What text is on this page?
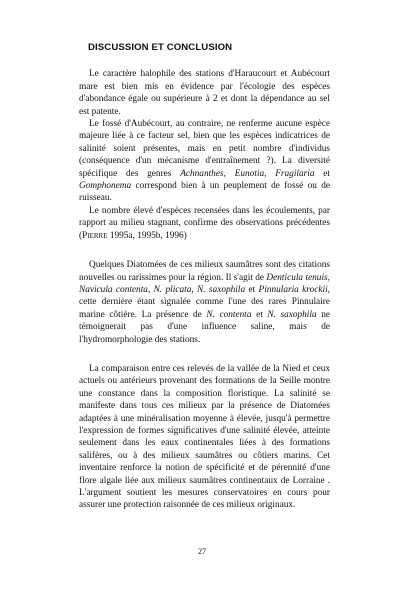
DISCUSSION ET CONCLUSION

Le caractère halophile des stations d'Haraucourt et Aubécourt mare est bien mis en évidence par l'écologie des espèces d'abondance égale ou supérieure à 2 et dont la dépendance au sel est patente.

Le fossé d'Aubécourt, au contraire, ne renferme aucune espèce majeure liée à ce facteur sel, bien que les espèces indicatrices de salinité soient présentes, mais en petit nombre d'individus (conséquence d'un mécanisme d'entraînement ?). La diversité spécifique des genres Achnanthes, Eunotia, Fragilaria et Gomphonema correspond bien à un peuplement de fossé ou de ruisseau.

Le nombre élevé d'espèces recensées dans les écoulements, par rapport au milieu stagnant, confirme des observations précédentes (Pierre 1995a, 1995b, 1996)

Quelques Diatomées de ces milieux saumâtres sont des citations nouvelles ou rarissimes pour la région. Il s'agit de Denticula tenuis, Navicula contenta, N. plicata, N. saxophila et Pinnularia krockii, cette dernière étant signalée comme l'une des rares Pinnulaire marine côtière. La présence de N. contenta et N. saxophila ne témoignerait pas d'une influence saline, mais de l'hydromorphologie des stations.

La comparaison entre ces relevés de la vallée de la Nied et ceux actuels ou antérieurs provenant des formations de la Seille montre une constance dans la composition floristique. La salinité se manifeste dans tous ces milieux par la présence de Diatomées adaptées à une minéralisation moyenne à élevée, jusqu'à permettre l'expression de formes significatives d'une salinité élevée, atteinte seulement dans les eaux continentales liées à des formations salifères, ou à des milieux saumâtres ou côtiers marins. Cet inventaire renforce la notion de spécificité et de pérennité d'une flore algale liée aux milieux saumâtres continentaux de Lorraine . L'argument soutient les mesures conservatoires en cours pour assurer une protection raisonnée de ces milieux originaux.

27
